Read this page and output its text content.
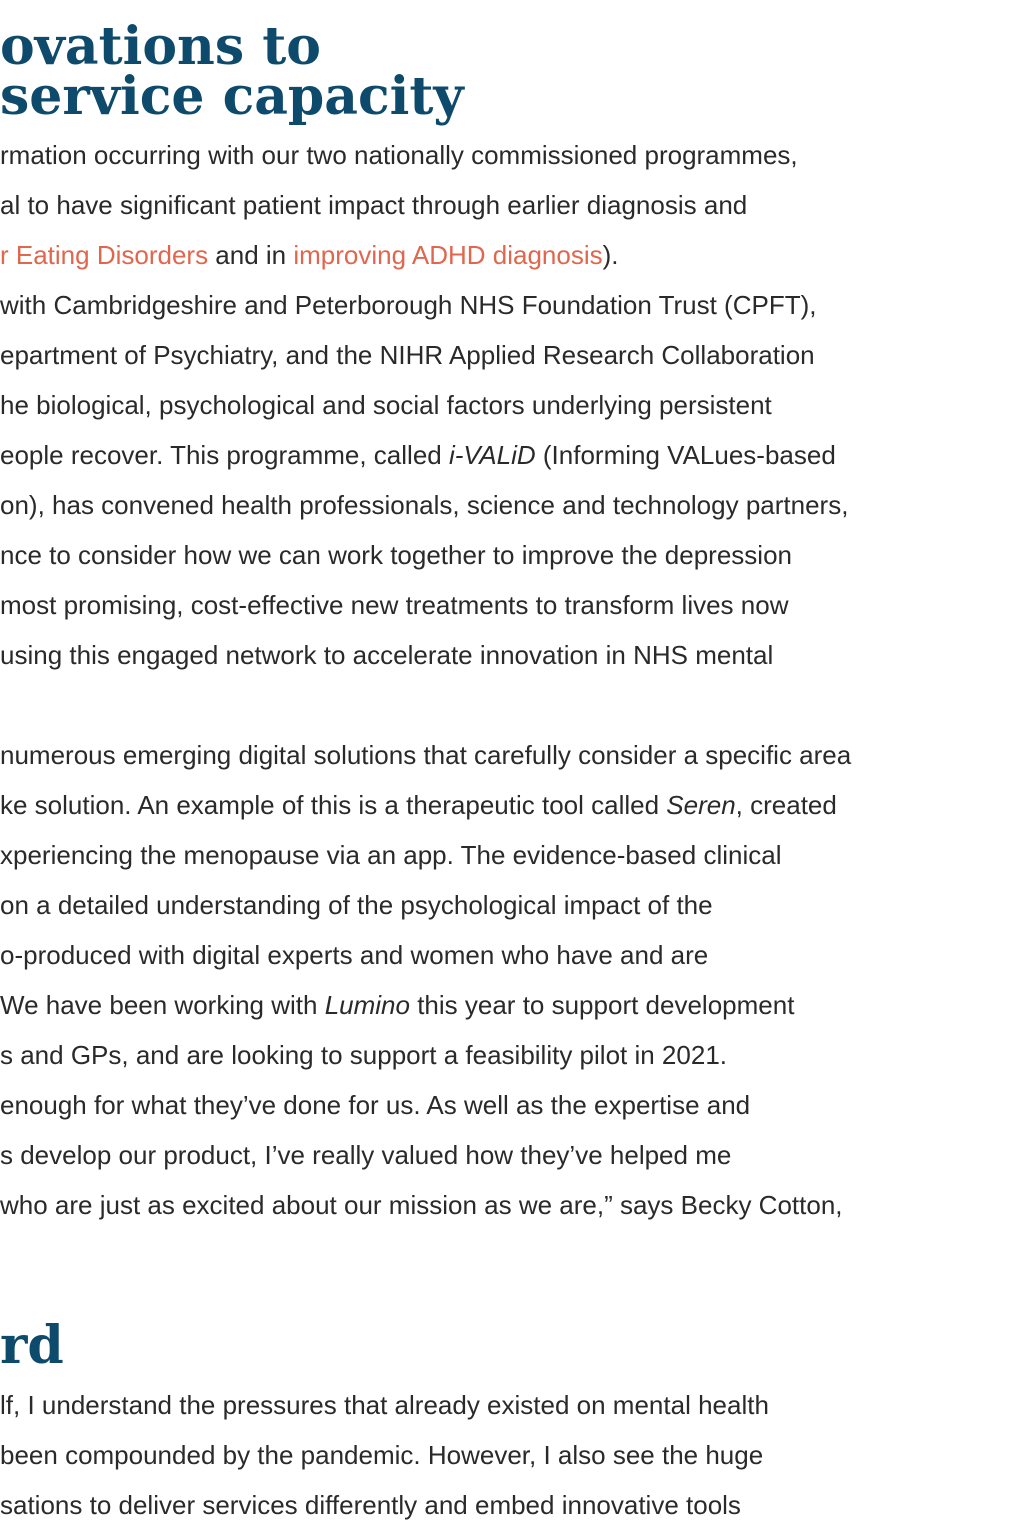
ovations to
service capacity
rmation occurring with our two nationally commissioned programmes,
al to have significant patient impact through earlier diagnosis and
r Eating Disorders and in improving ADHD diagnosis).
with Cambridgeshire and Peterborough NHS Foundation Trust (CPFT),
epartment of Psychiatry, and the NIHR Applied Research Collaboration
he biological, psychological and social factors underlying persistent
eople recover. This programme, called i-VALiD (Informing VALues-based
on), has convened health professionals, science and technology partners,
nce to consider how we can work together to improve the depression
most promising, cost-effective new treatments to transform lives now
using this engaged network to accelerate innovation in NHS mental
numerous emerging digital solutions that carefully consider a specific area
ke solution. An example of this is a therapeutic tool called Seren, created
xperiencing the menopause via an app. The evidence-based clinical
on a detailed understanding of the psychological impact of the
o-produced with digital experts and women who have and are
We have been working with Lumino this year to support development
s and GPs, and are looking to support a feasibility pilot in 2021.
enough for what they’ve done for us. As well as the expertise and
s develop our product, I’ve really valued how they’ve helped me
who are just as excited about our mission as we are,” says Becky Cotton,
rd
lf, I understand the pressures that already existed on mental health
been compounded by the pandemic. However, I also see the huge
sations to deliver services differently and embed innovative tools
